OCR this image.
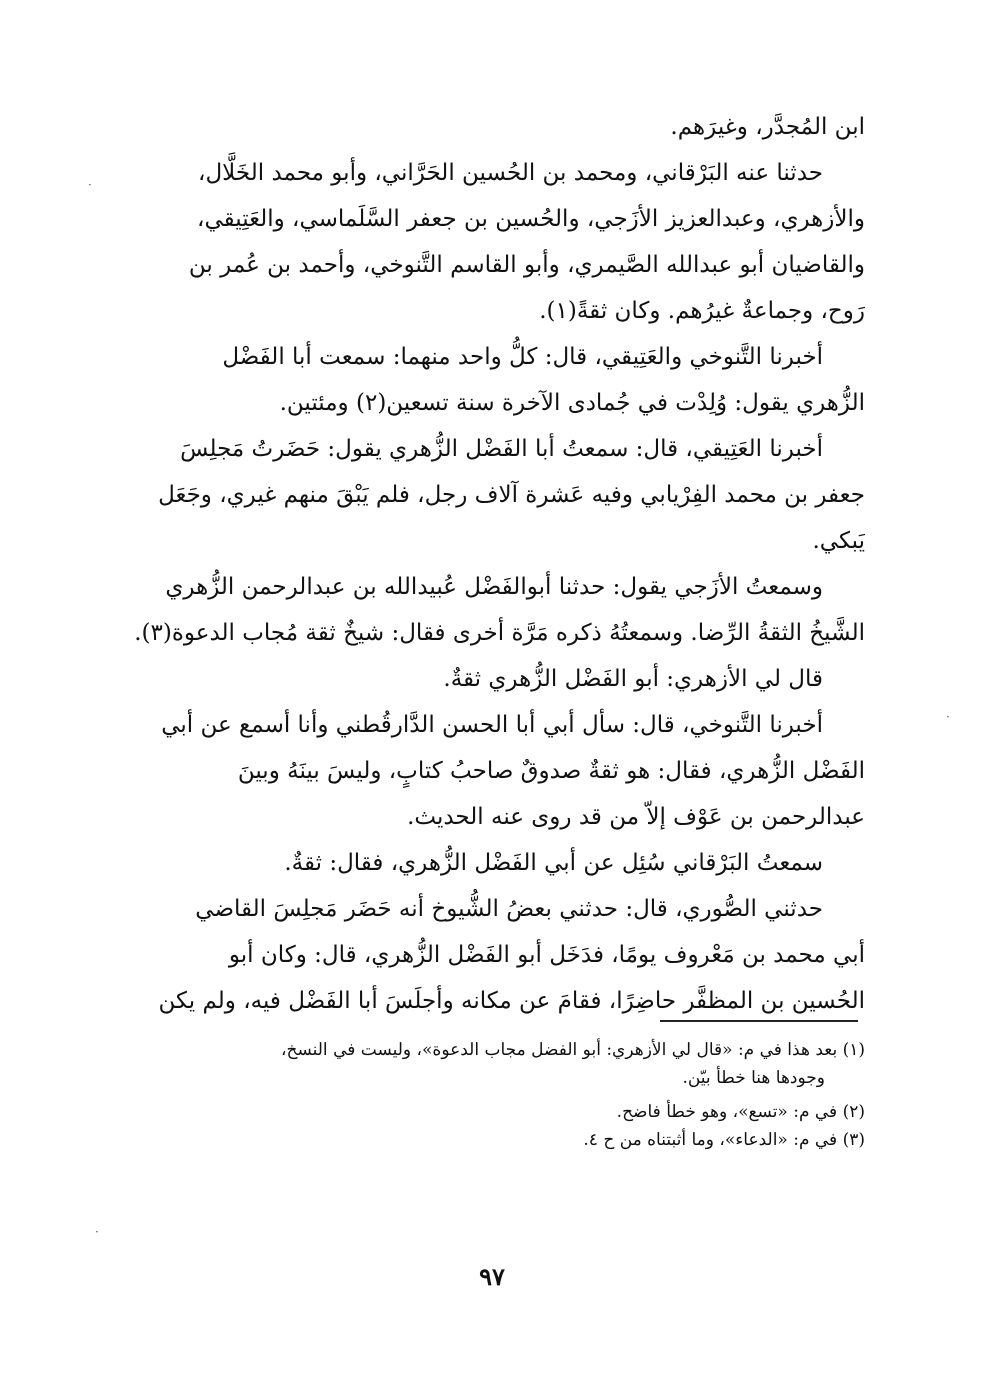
ابن المُجدَّر، وغيرَهم.
حدثنا عنه البَرْقاني، ومحمد بن الحُسين الحَرَّاني، وأبو محمد الخَلَّال،
والأزهري، وعبدالعزيز الأزَجي، والحُسين بن جعفر السَّلَماسي، والعَتِيقي،
والقاضيان أبو عبدالله الصَّيمري، وأبو القاسم التَّنوخي، وأحمد بن عُمر بن
رَوح، وجماعةٌ غيرُهم. وكان ثقةً(١).
أخبرنا التَّنوخي والعَتِيقي، قال: كلُّ واحد منهما: سمعت أبا الفَضْل
الزُّهري يقول: وُلِدْت في جُمادى الآخرة سنة تسعين(٢) ومئتين.
أخبرنا العَتِيقي، قال: سمعتُ أبا الفَضْل الزُّهري يقول: حَضَرتُ مَجلِسَ
جعفر بن محمد الفِرْيابي وفيه عَشرة آلاف رجل، فلم يَبْقَ منهم غيري، وجَعَل
يَبكي.
وسمعتُ الأزَجي يقول: حدثنا أبوالفَضْل عُبيدالله بن عبدالرحمن الزُّهري
الشَّيخُ الثقةُ الرِّضا. وسمعتُهُ ذكره مَرَّة أخرى فقال: شيخٌ ثقة مُجاب الدعوة(٣).
قال لي الأزهري: أبو الفَضْل الزُّهري ثقةٌ.
أخبرنا التَّنوخي، قال: سأل أبي أبا الحسن الدَّارقُطني وأنا أسمع عن أبي
الفَضْل الزُّهري، فقال: هو ثقةٌ صدوقٌ صاحبُ كتابٍ، وليسَ بينَهُ وبينَ
عبدالرحمن بن عَوْف إلاّ من قد روى عنه الحديث.
سمعتُ البَرْقاني سُئِل عن أبي الفَضْل الزُّهري، فقال: ثقةٌ.
حدثني الصُّوري، قال: حدثني بعضُ الشُّيوخ أنه حَضَر مَجلِسَ القاضي
أبي محمد بن مَعْروف يومًا، فدَخَل أبو الفَضْل الزُّهري، قال: وكان أبو
الحُسين بن المظفَّر حاضِرًا، فقامَ عن مكانه وأجلَسَ أبا الفَضْل فيه، ولم يكن
(١) بعد هذا في م: «قال لي الأزهري: أبو الفضل مجاب الدعوة»، وليست في النسخ،
وجودها هنا خطأ بيّن.
(٢) في م: «تسع»، وهو خطأ فاضح.
(٣) في م: «الدعاء»، وما أثبتناه من ح ٤.
٩٧
·
·
·
